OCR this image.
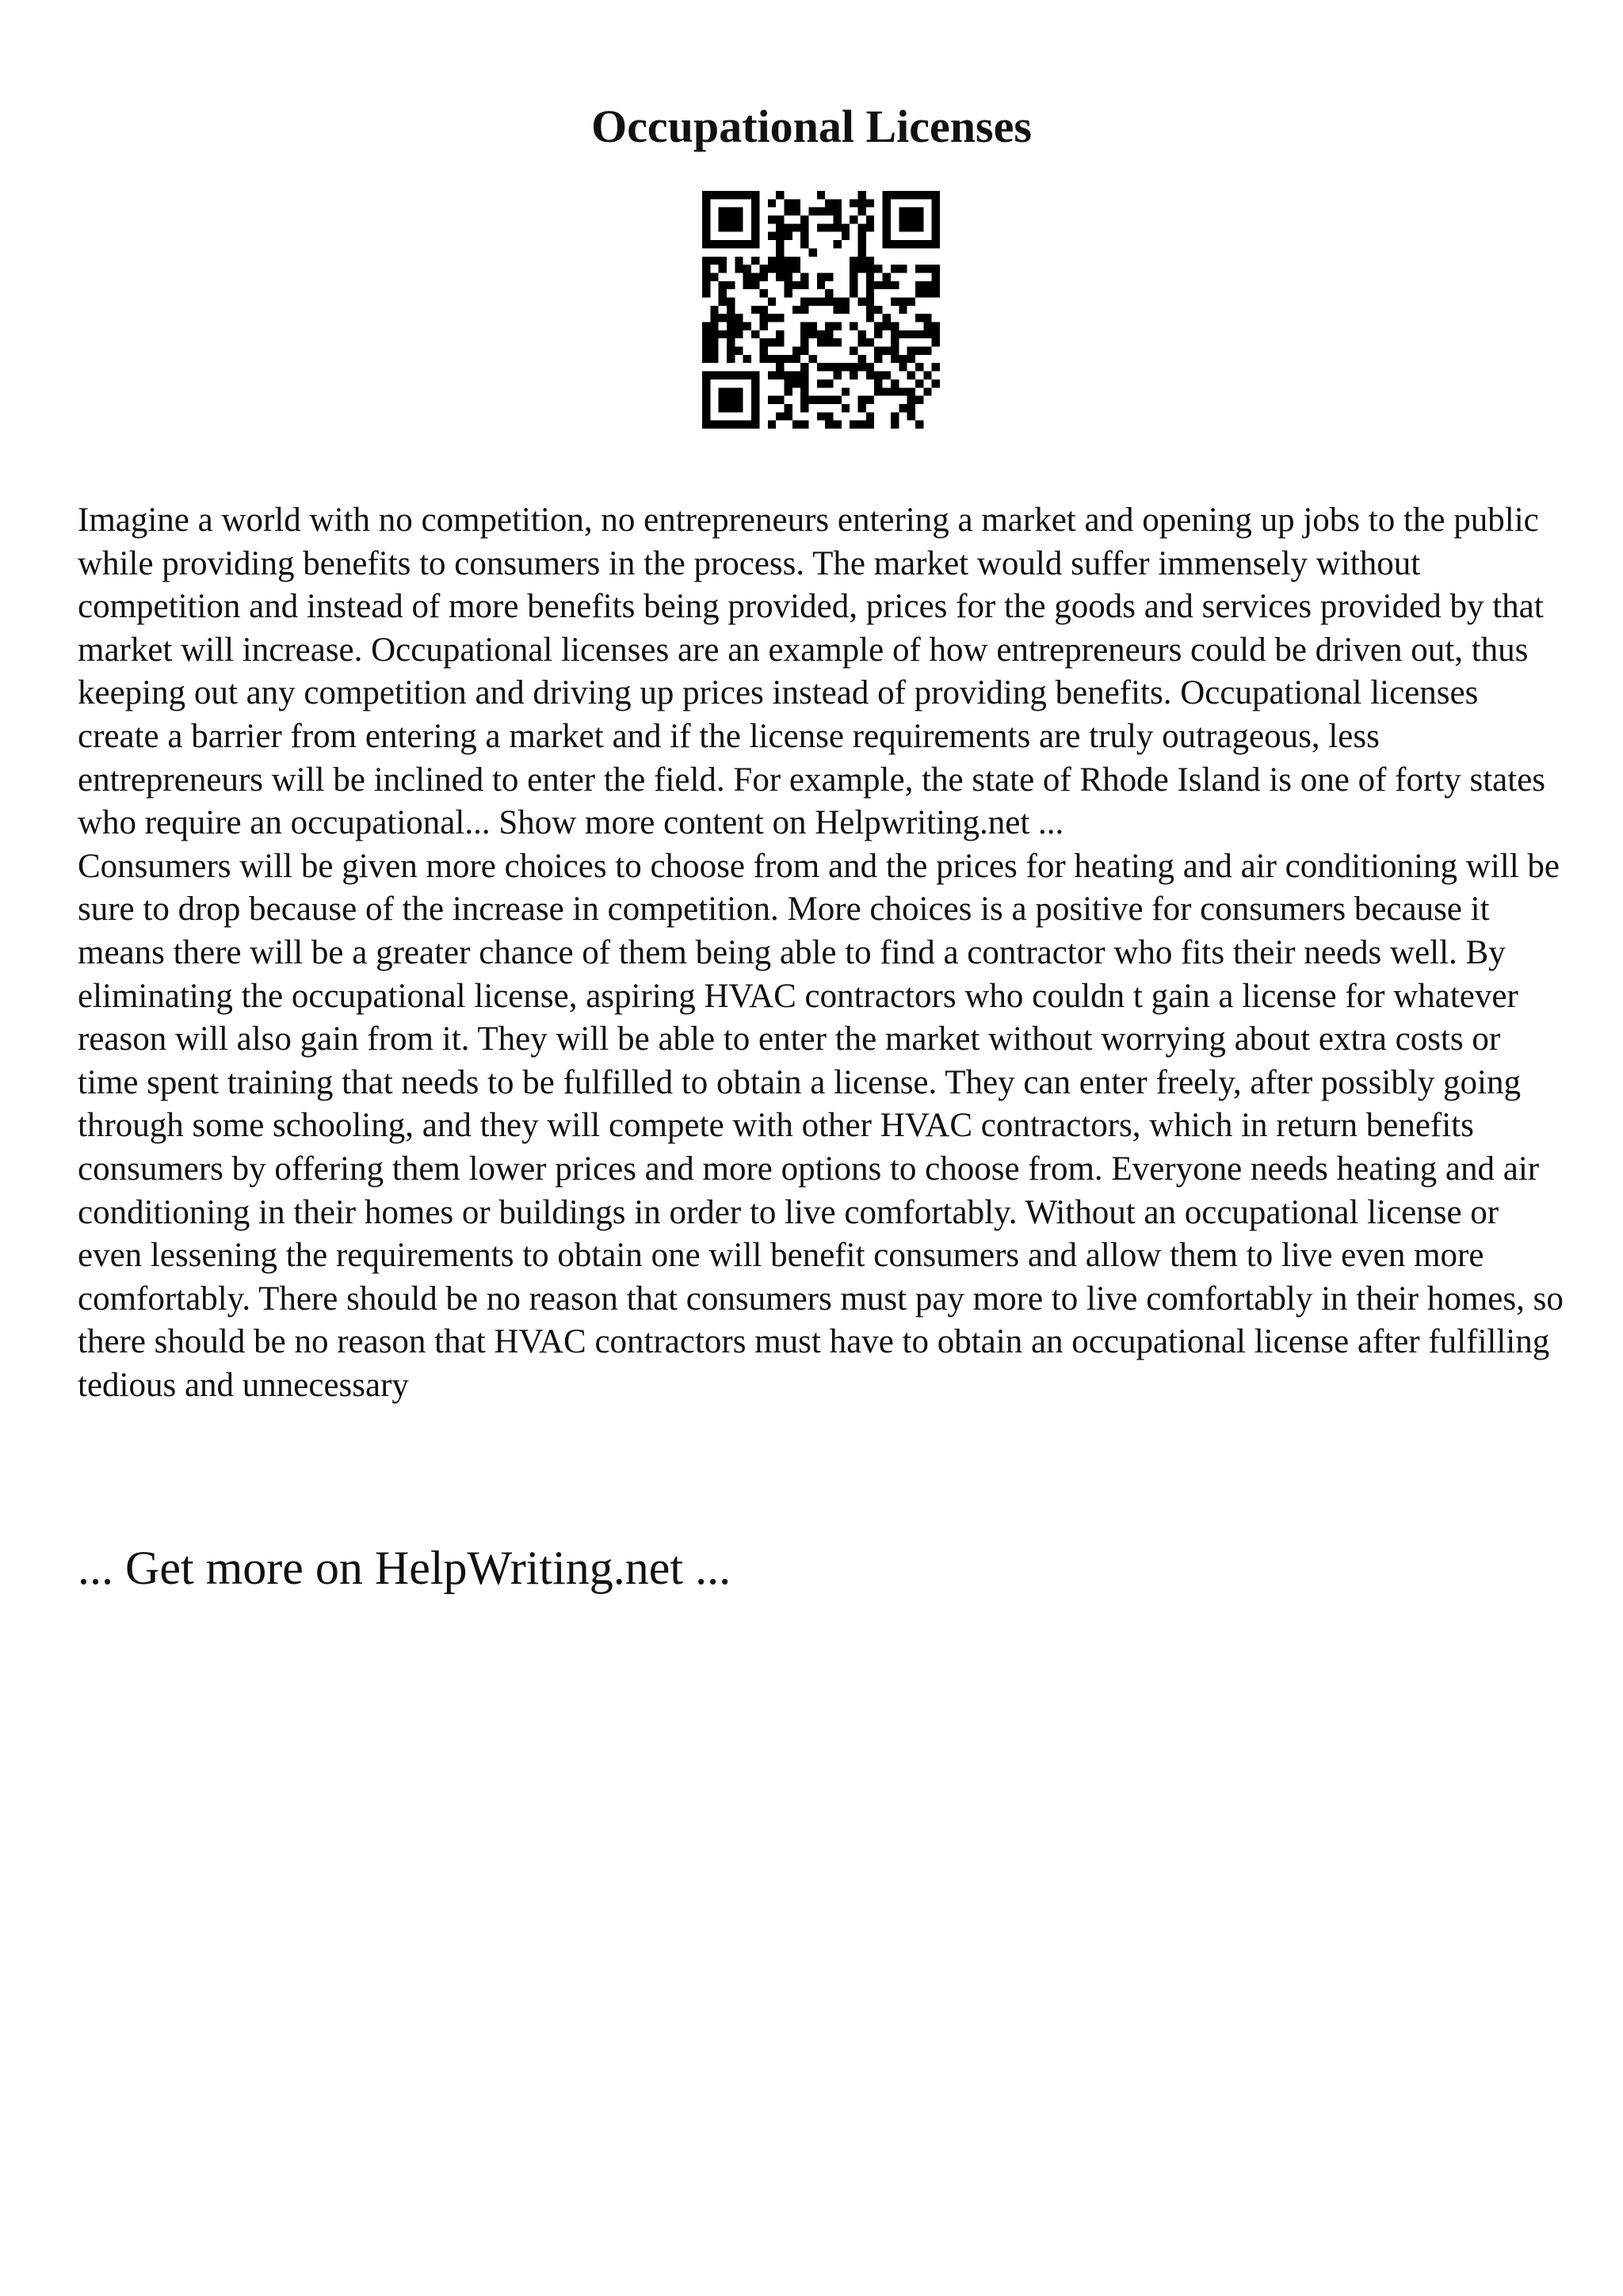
Occupational Licenses

Imagine a world with no competition, no entrepreneurs entering a market and opening up jobs to the public while providing benefits to consumers in the process. The market would suffer immensely without competition and instead of more benefits being provided, prices for the goods and services provided by that market will increase. Occupational licenses are an example of how entrepreneurs could be driven out, thus keeping out any competition and driving up prices instead of providing benefits. Occupational licenses create a barrier from entering a market and if the license requirements are truly outrageous, less entrepreneurs will be inclined to enter the field. For example, the state of Rhode Island is one of forty states who require an occupational... Show more content on Helpwriting.net ...

Consumers will be given more choices to choose from and the prices for heating and air conditioning will be sure to drop because of the increase in competition. More choices is a positive for consumers because it means there will be a greater chance of them being able to find a contractor who fits their needs well. By eliminating the occupational license, aspiring HVAC contractors who couldn t gain a license for whatever reason will also gain from it. They will be able to enter the market without worrying about extra costs or time spent training that needs to be fulfilled to obtain a license. They can enter freely, after possibly going through some schooling, and they will compete with other HVAC contractors, which in return benefits consumers by offering them lower prices and more options to choose from. Everyone needs heating and air conditioning in their homes or buildings in order to live comfortably. Without an occupational license or even lessening the requirements to obtain one will benefit consumers and allow them to live even more comfortably. There should be no reason that consumers must pay more to live comfortably in their homes, so there should be no reason that HVAC contractors must have to obtain an occupational license after fulfilling tedious and unnecessary

... Get more on HelpWriting.net ...
